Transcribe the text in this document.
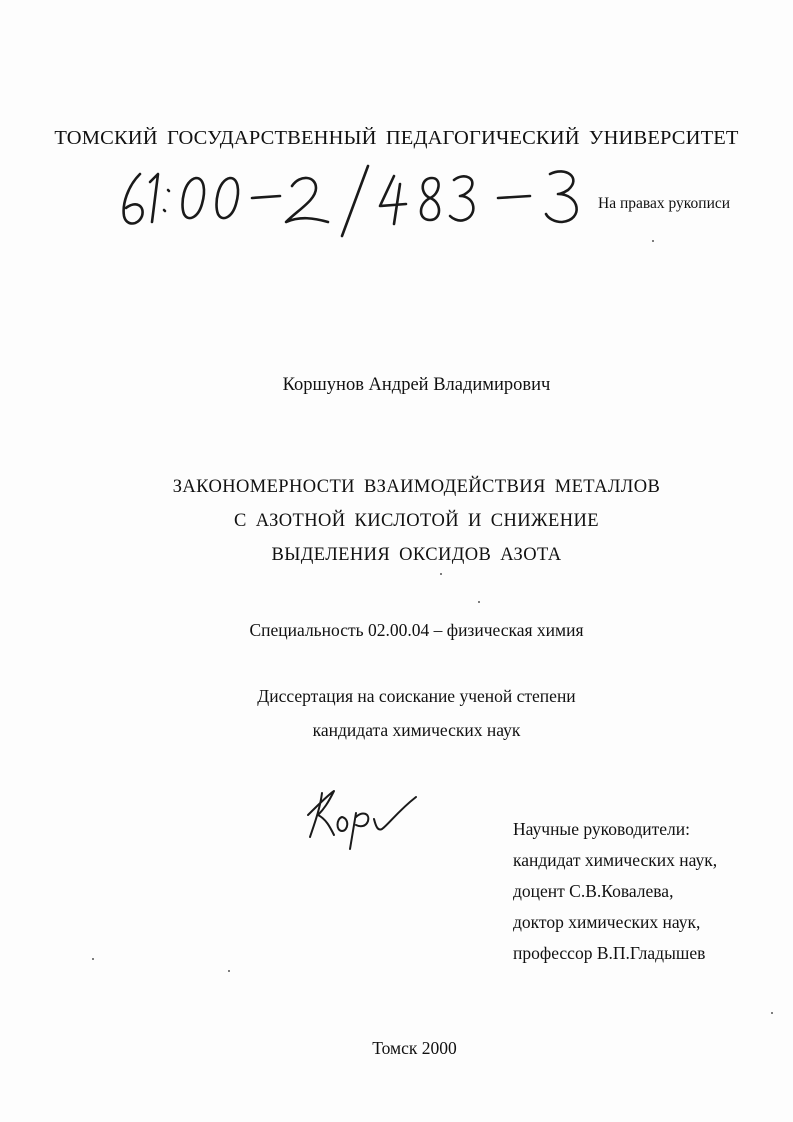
ТОМСКИЙ ГОСУДАРСТВЕННЫЙ ПЕДАГОГИЧЕСКИЙ УНИВЕРСИТЕТ
На правах рукописи
Коршунов Андрей Владимирович
ЗАКОНОМЕРНОСТИ ВЗАИМОДЕЙСТВИЯ МЕТАЛЛОВ
С АЗОТНОЙ КИСЛОТОЙ И СНИЖЕНИЕ
ВЫДЕЛЕНИЯ ОКСИДОВ АЗОТА
Специальность 02.00.04 – физическая химия
Диссертация на соискание ученой степени
кандидата химических наук
Научные руководители:
кандидат химических наук,
доцент С.В.Ковалева,
доктор химических наук,
профессор В.П.Гладышев
Томск 2000
